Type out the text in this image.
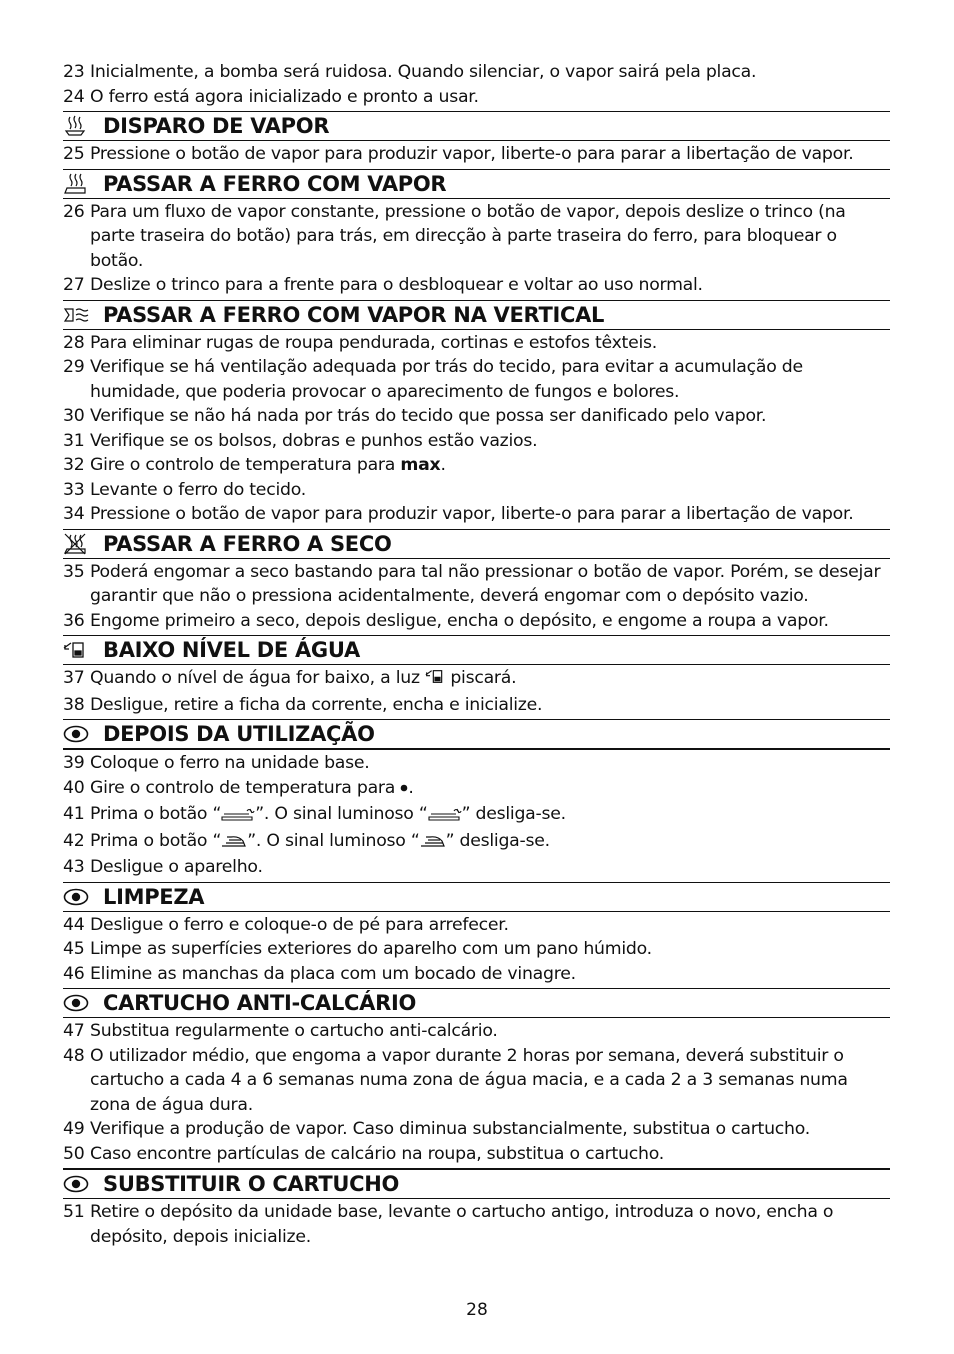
23 Inicialmente, a bomba será ruidosa. Quando silenciar, o vapor sairá pela placa.
24 O ferro está agora inicializado e pronto a usar.
DISPARO DE VAPOR
25 Pressione o botão de vapor para produzir vapor, liberte-o para parar a libertação de vapor.
PASSAR A FERRO COM VAPOR
26 Para um fluxo de vapor constante, pressione o botão de vapor, depois deslize o trinco (na parte traseira do botão) para trás, em direcção à parte traseira do ferro, para bloquear o botão.
27 Deslize o trinco para a frente para o desbloquear e voltar ao uso normal.
PASSAR A FERRO COM VAPOR NA VERTICAL
28 Para eliminar rugas de roupa pendurada, cortinas e estofos têxteis.
29 Verifique se há ventilação adequada por trás do tecido, para evitar a acumulação de humidade, que poderia provocar o aparecimento de fungos e bolores.
30 Verifique se não há nada por trás do tecido que possa ser danificado pelo vapor.
31 Verifique se os bolsos, dobras e punhos estão vazios.
32 Gire o controlo de temperatura para max.
33 Levante o ferro do tecido.
34 Pressione o botão de vapor para produzir vapor, liberte-o para parar a libertação de vapor.
PASSAR A FERRO A SECO
35 Poderá engomar a seco bastando para tal não pressionar o botão de vapor. Porém, se desejar garantir que não o pressiona acidentalmente, deverá engomar com o depósito vazio.
36 Engome primeiro a seco, depois desligue, encha o depósito, e engome a roupa a vapor.
BAIXO NÍVEL DE ÁGUA
37 Quando o nível de água for baixo, a luz  piscará.
38 Desligue, retire a ficha da corrente, encha e inicialize.
DEPOIS DA UTILIZAÇÃO
39 Coloque o ferro na unidade base.
40 Gire o controlo de temperatura para .
41 Prima o botão “ ”. O sinal luminoso “ ” desliga-se.
42 Prima o botão “ ”. O sinal luminoso “ ” desliga-se.
43 Desligue o aparelho.
LIMPEZA
44 Desligue o ferro e coloque-o de pé para arrefecer.
45 Limpe as superfícies exteriores do aparelho com um pano húmido.
46 Elimine as manchas da placa com um bocado de vinagre.
CARTUCHO ANTI-CALCÁRIO
47 Substitua regularmente o cartucho anti-calcário.
48 O utilizador médio, que engoma a vapor durante 2 horas por semana, deverá substituir o cartucho a cada 4 a 6 semanas numa zona de água macia, e a cada 2 a 3 semanas numa zona de água dura.
49 Verifique a produção de vapor. Caso diminua substancialmente, substitua o cartucho.
50 Caso encontre partículas de calcário na roupa, substitua o cartucho.
SUBSTITUIR O CARTUCHO
51 Retire o depósito da unidade base, levante o cartucho antigo, introduza o novo, encha o depósito, depois inicialize.
28
